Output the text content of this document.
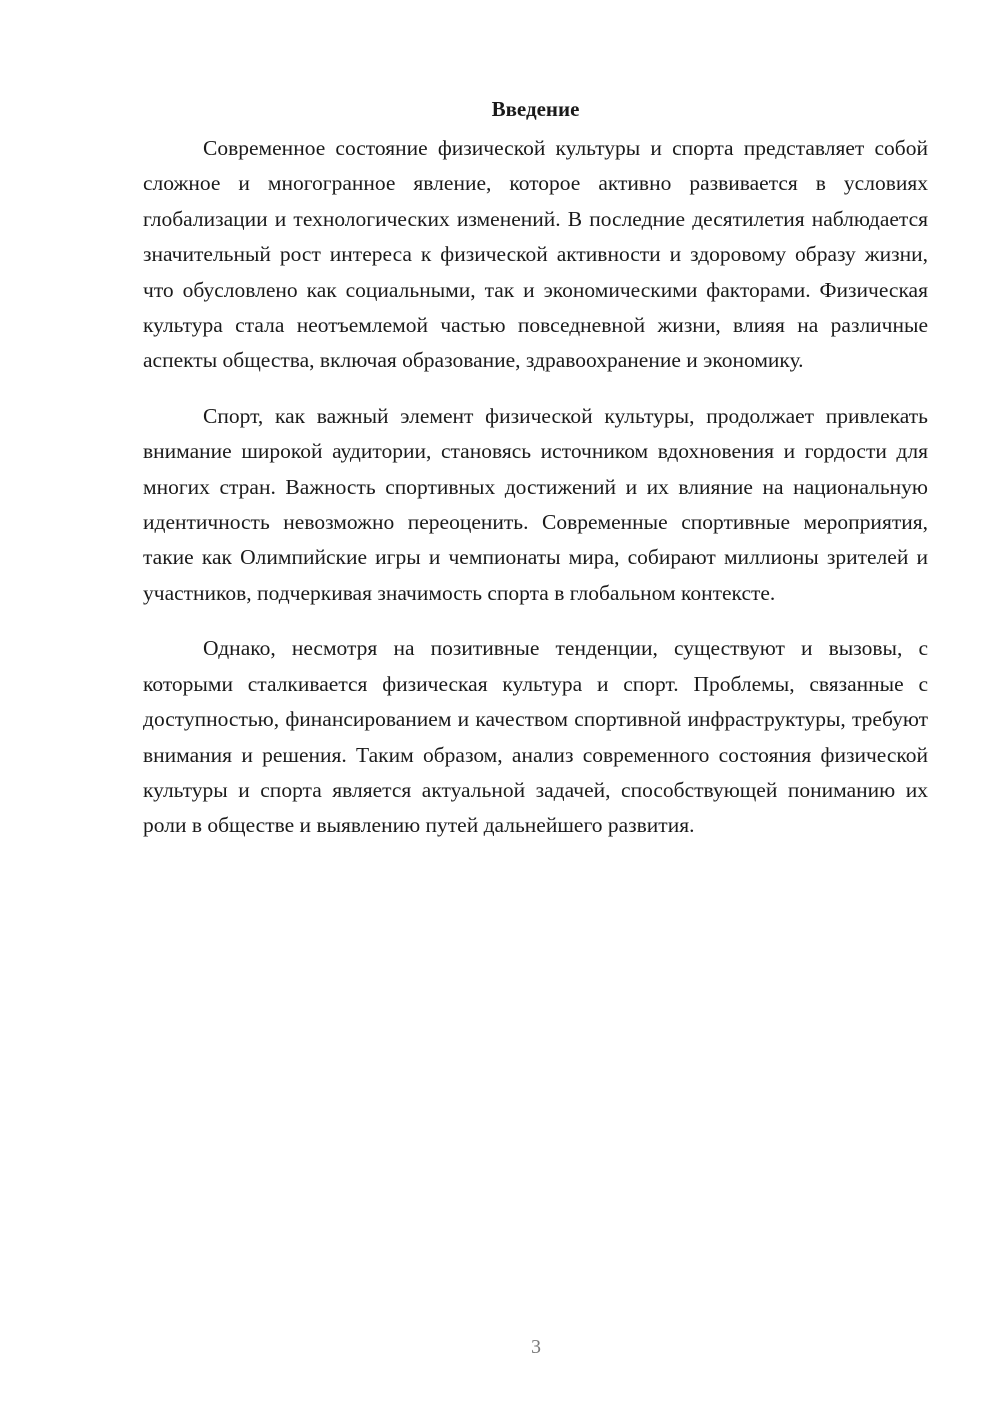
Введение

Современное состояние физической культуры и спорта представляет собой сложное и многогранное явление, которое активно развивается в условиях глобализации и технологических изменений. В последние десятилетия наблюдается значительный рост интереса к физической активности и здоровому образу жизни, что обусловлено как социальными, так и экономическими факторами. Физическая культура стала неотъемлемой частью повседневной жизни, влияя на различные аспекты общества, включая образование, здравоохранение и экономику.

Спорт, как важный элемент физической культуры, продолжает привлекать внимание широкой аудитории, становясь источником вдохновения и гордости для многих стран. Важность спортивных достижений и их влияние на национальную идентичность невозможно переоценить. Современные спортивные мероприятия, такие как Олимпийские игры и чемпионаты мира, собирают миллионы зрителей и участников, подчеркивая значимость спорта в глобальном контексте.

Однако, несмотря на позитивные тенденции, существуют и вызовы, с которыми сталкивается физическая культура и спорт. Проблемы, связанные с доступностью, финансированием и качеством спортивной инфраструктуры, требуют внимания и решения. Таким образом, анализ современного состояния физической культуры и спорта является актуальной задачей, способствующей пониманию их роли в обществе и выявлению путей дальнейшего развития.

3
